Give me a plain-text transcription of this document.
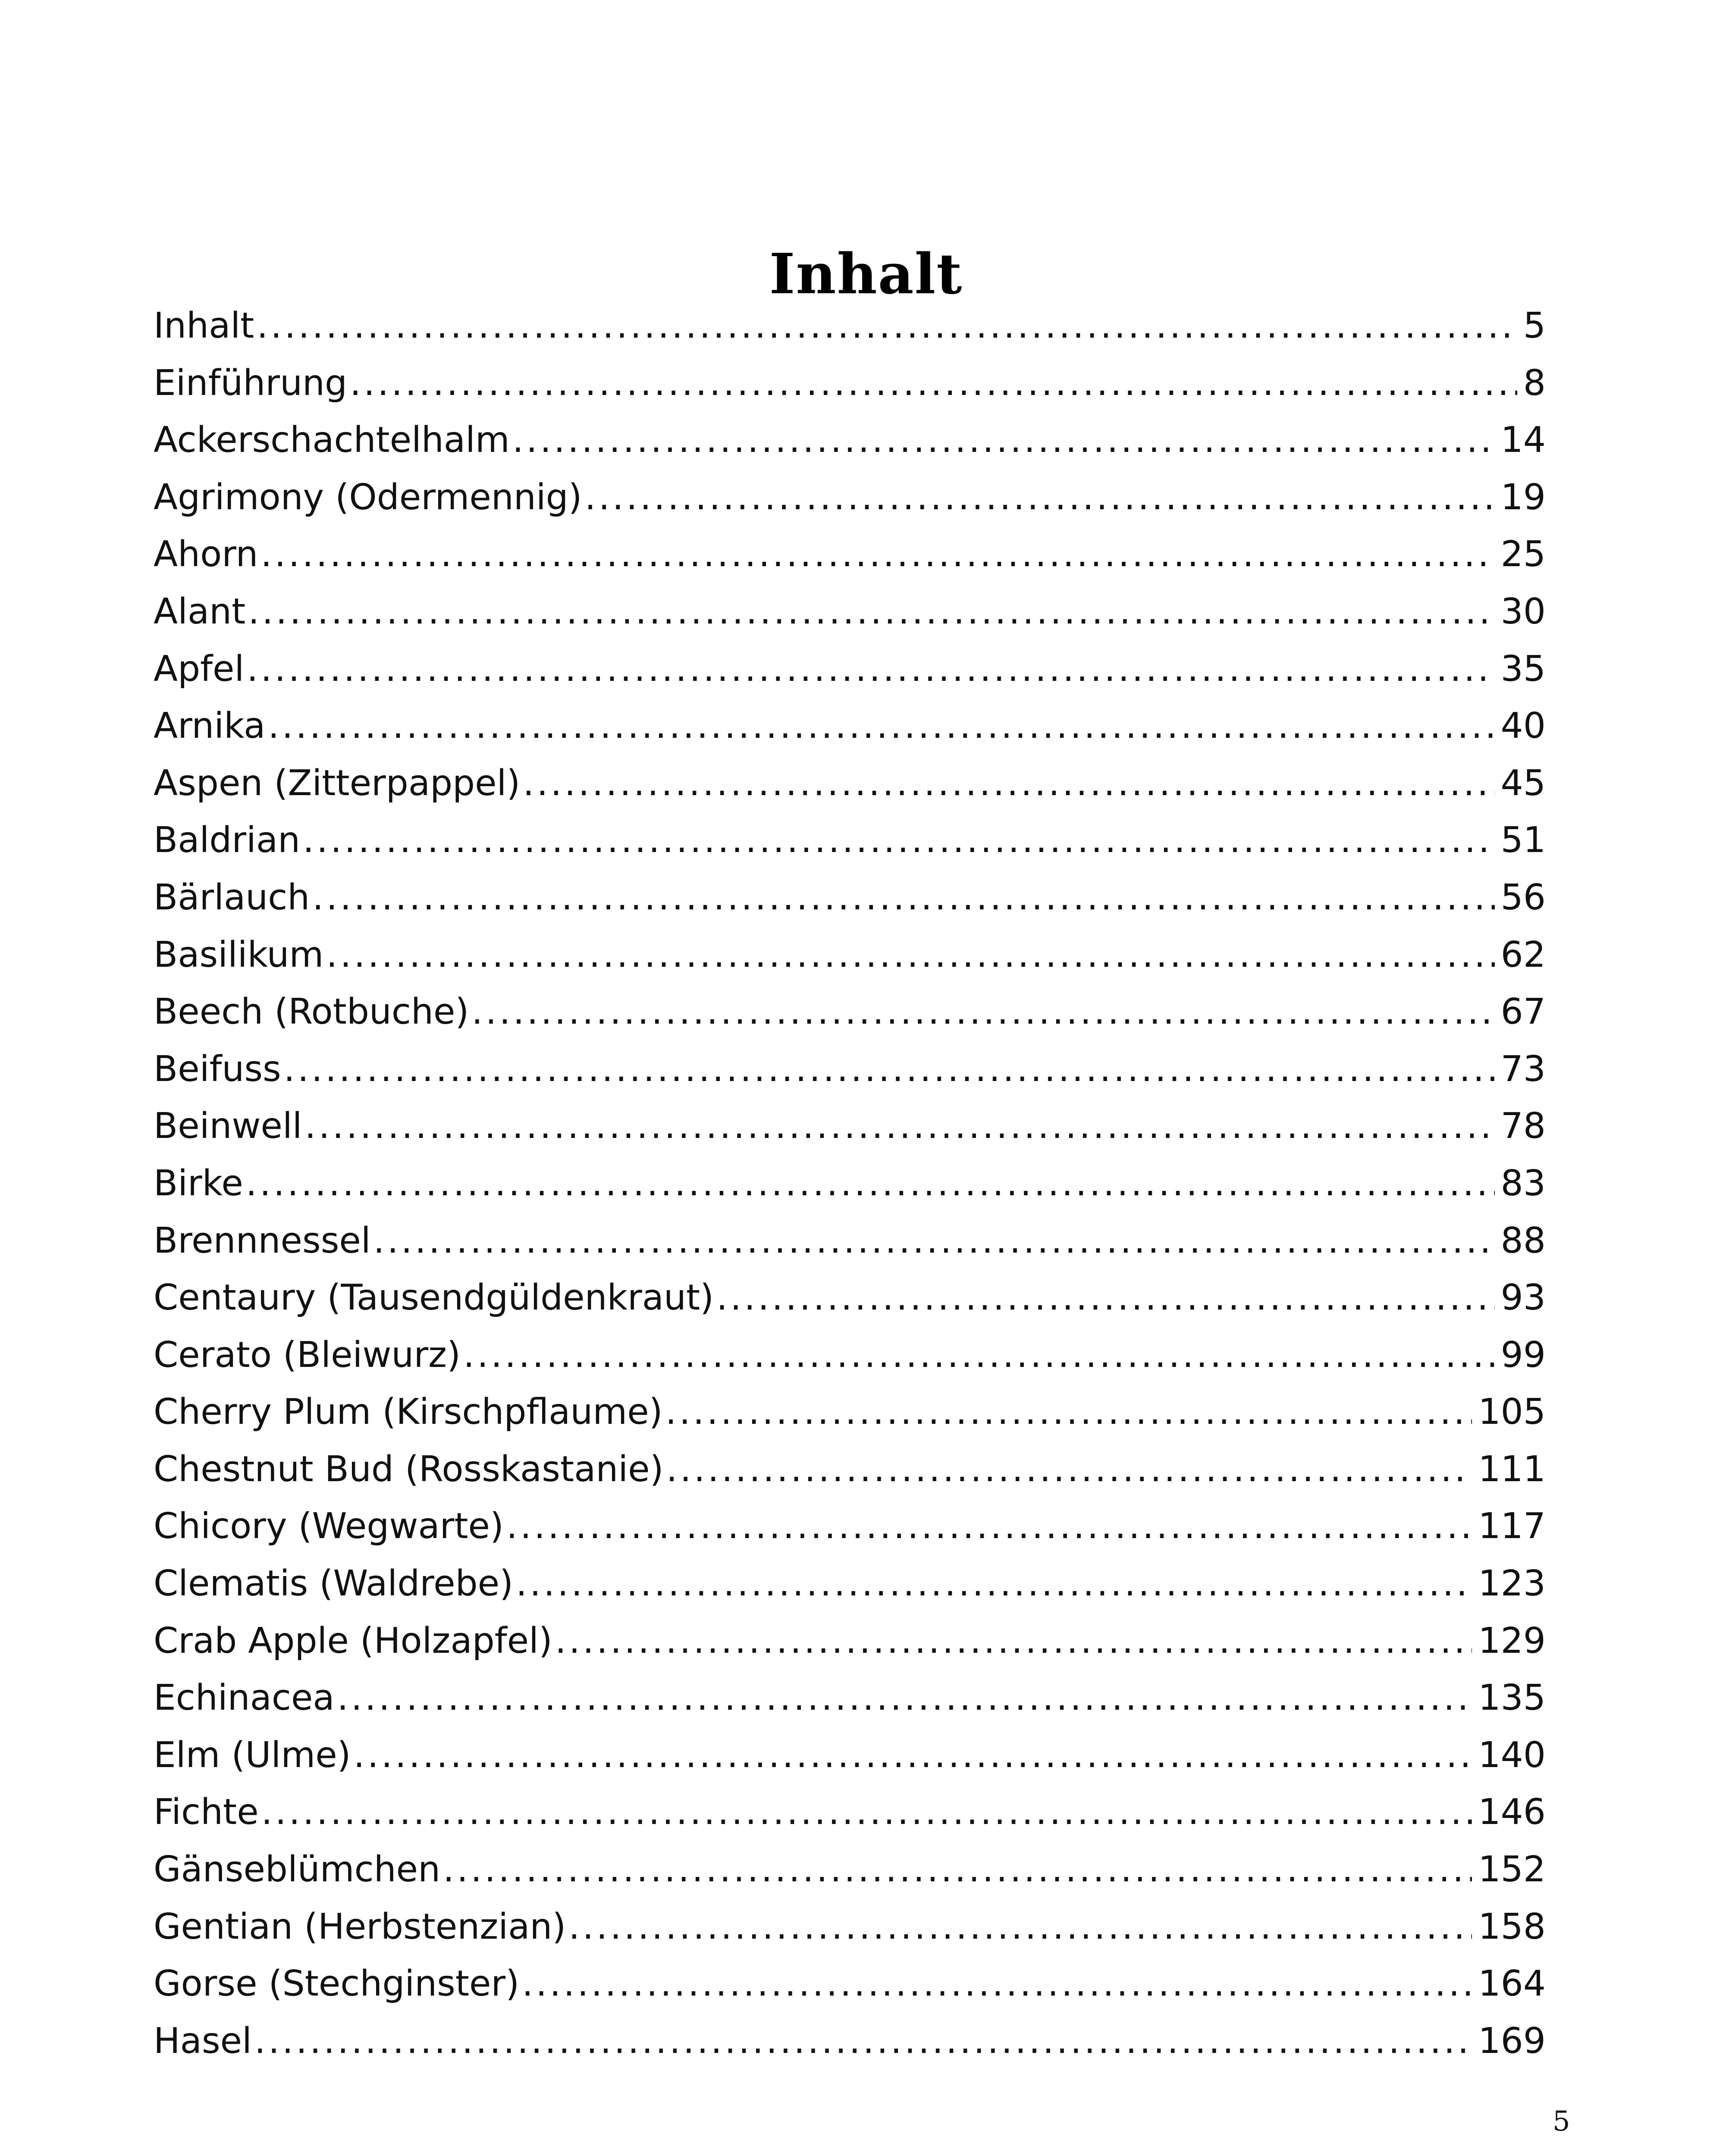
Inhalt
Inhalt .....	5
Einführung .....	8
Ackerschachtelhalm .....	14
Agrimony (Odermennig) .....	19
Ahorn .....	25
Alant .....	30
Apfel .....	35
Arnika .....	40
Aspen (Zitterpappel) .....	45
Baldrian .....	51
Bärlauch .....	56
Basilikum .....	62
Beech (Rotbuche) .....	67
Beifuss .....	73
Beinwell .....	78
Birke .....	83
Brennnessel .....	88
Centaury (Tausendgüldenkraut) .....	93
Cerato (Bleiwurz) .....	99
Cherry Plum (Kirschpflaume) .....	105
Chestnut Bud (Rosskastanie) .....	111
Chicory (Wegwarte) .....	117
Clematis (Waldrebe) .....	123
Crab Apple (Holzapfel) .....	129
Echinacea .....	135
Elm (Ulme) .....	140
Fichte .....	146
Gänseblümchen .....	152
Gentian (Herbstenzian) .....	158
Gorse (Stechginster) .....	164
Hasel .....	169
5
